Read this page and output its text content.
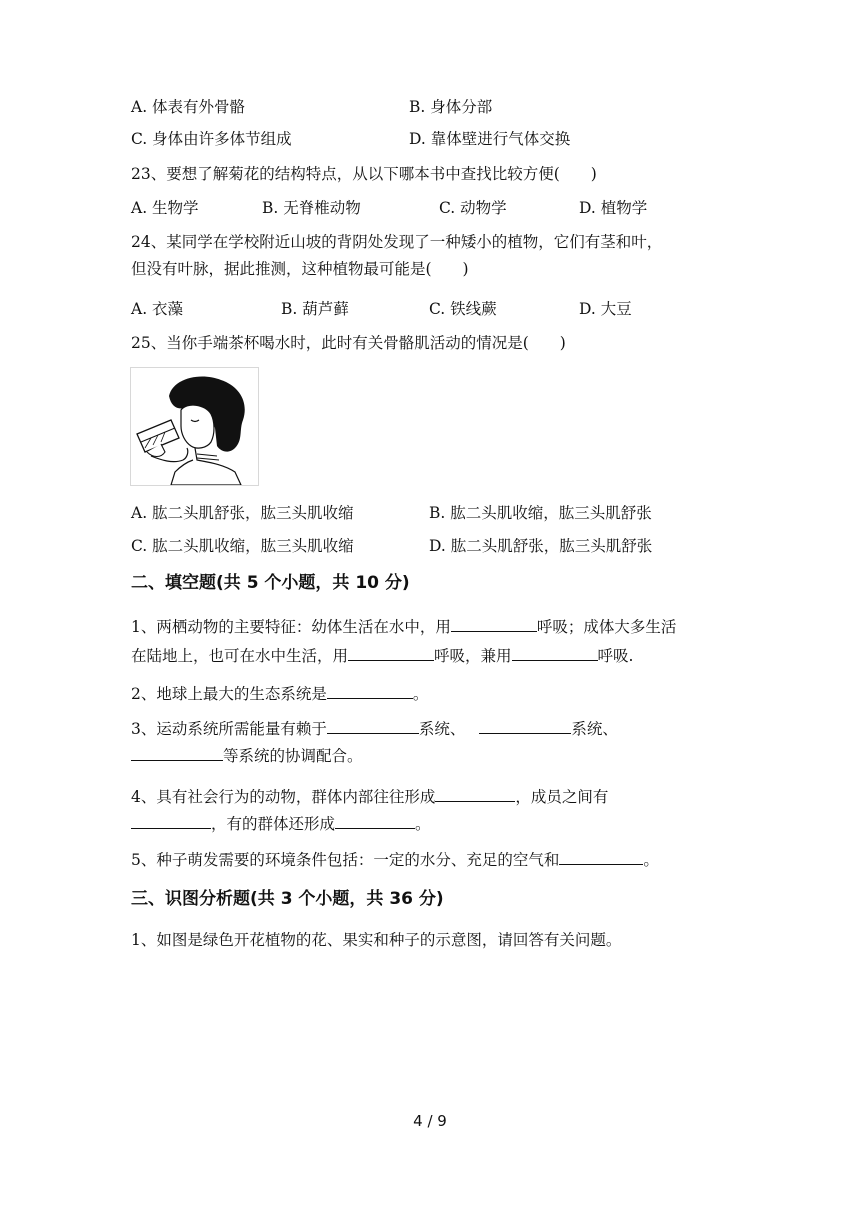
A. 体表有外骨骼	B. 身体分部
C. 身体由许多体节组成	D. 靠体壁进行气体交换
23、要想了解菊花的结构特点，从以下哪本书中查找比较方便(　　)
A. 生物学	B. 无脊椎动物	C. 动物学	D. 植物学
24、某同学在学校附近山坡的背阴处发现了一种矮小的植物，它们有茎和叶，
但没有叶脉，据此推测，这种植物最可能是(　　)
A. 衣藻	B. 葫芦藓	C. 铁线蕨	D. 大豆
25、当你手端茶杯喝水时，此时有关骨骼肌活动的情况是(　　)
A. 肱二头肌舒张，肱三头肌收缩	B. 肱二头肌收缩，肱三头肌舒张
C. 肱二头肌收缩，肱三头肌收缩	D. 肱二头肌舒张，肱三头肌舒张
二、填空题(共 5 个小题，共 10 分)
1、两栖动物的主要特征：幼体生活在水中，用	呼吸；成体大多生活
在陆地上，也可在水中生活，用	呼吸，兼用	呼吸.
2、地球上最大的生态系统是	。
3、运动系统所需能量有赖于	系统、	系统、
等系统的协调配合。
4、具有社会行为的动物，群体内部往往形成	，成员之间有
，有的群体还形成	。
5、种子萌发需要的环境条件包括：一定的水分、充足的空气和	。
三、识图分析题(共 3 个小题，共 36 分)
1、如图是绿色开花植物的花、果实和种子的示意图，请回答有关问题。
4 / 9
